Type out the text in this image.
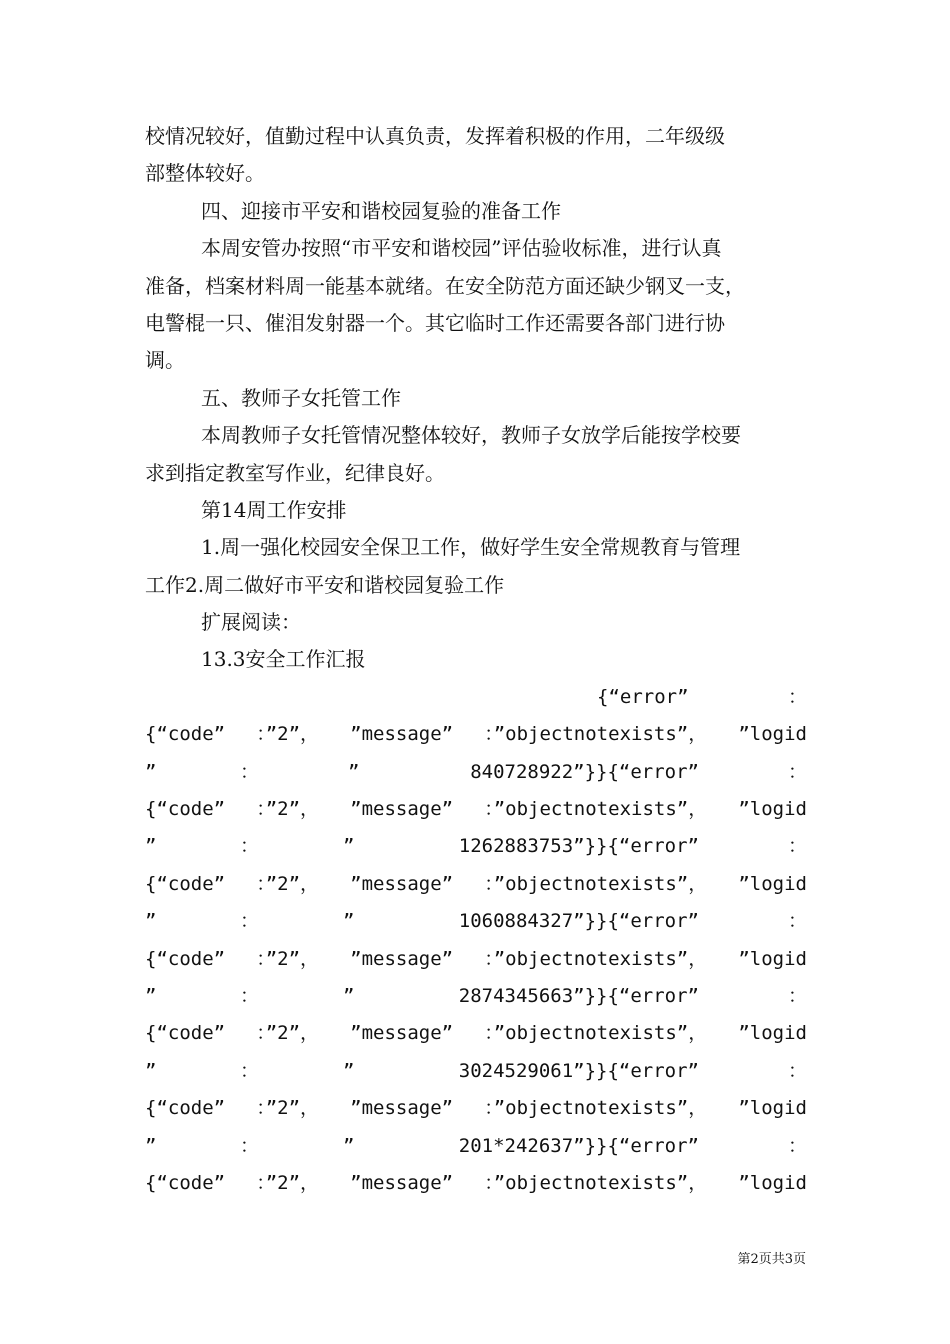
校情况较好，值勤过程中认真负责，发挥着积极的作用，二年级级
部整体较好。
四、迎接市平安和谐校园复验的准备工作
本周安管办按照“市平安和谐校园”评估验收标准，进行认真
准备，档案材料周一能基本就绪。在安全防范方面还缺少钢叉一支，
电警棍一只、催泪发射器一个。其它临时工作还需要各部门进行协
调。
五、教师子女托管工作
本周教师子女托管情况整体较好，教师子女放学后能按学校要
求到指定教室写作业，纪律良好。
第14周工作安排
1.周一强化校园安全保卫工作，做好学生安全常规教育与管理
工作2.周二做好市平安和谐校园复验工作
扩展阅读：
13.3安全工作汇报
{“error”	：
{“code” ：”2”， ”message” ：”objectnotexists”， ”logid
”	：	”	840728922”}}{“error”	：
{“code” ：”2”， ”message” ：”objectnotexists”， ”logid
”	：	”	1262883753”}}{“error”	：
{“code” ：”2”， ”message” ：”objectnotexists”， ”logid
”	：	”	1060884327”}}{“error”	：
{“code” ：”2”， ”message” ：”objectnotexists”， ”logid
”	：	”	2874345663”}}{“error”	：
{“code” ：”2”， ”message” ：”objectnotexists”， ”logid
”	：	”	3024529061”}}{“error”	：
{“code” ：”2”， ”message” ：”objectnotexists”， ”logid
”	：	”	201*242637”}}{“error”	：
{“code” ：”2”， ”message” ：”objectnotexists”， ”logid
第2页共3页
